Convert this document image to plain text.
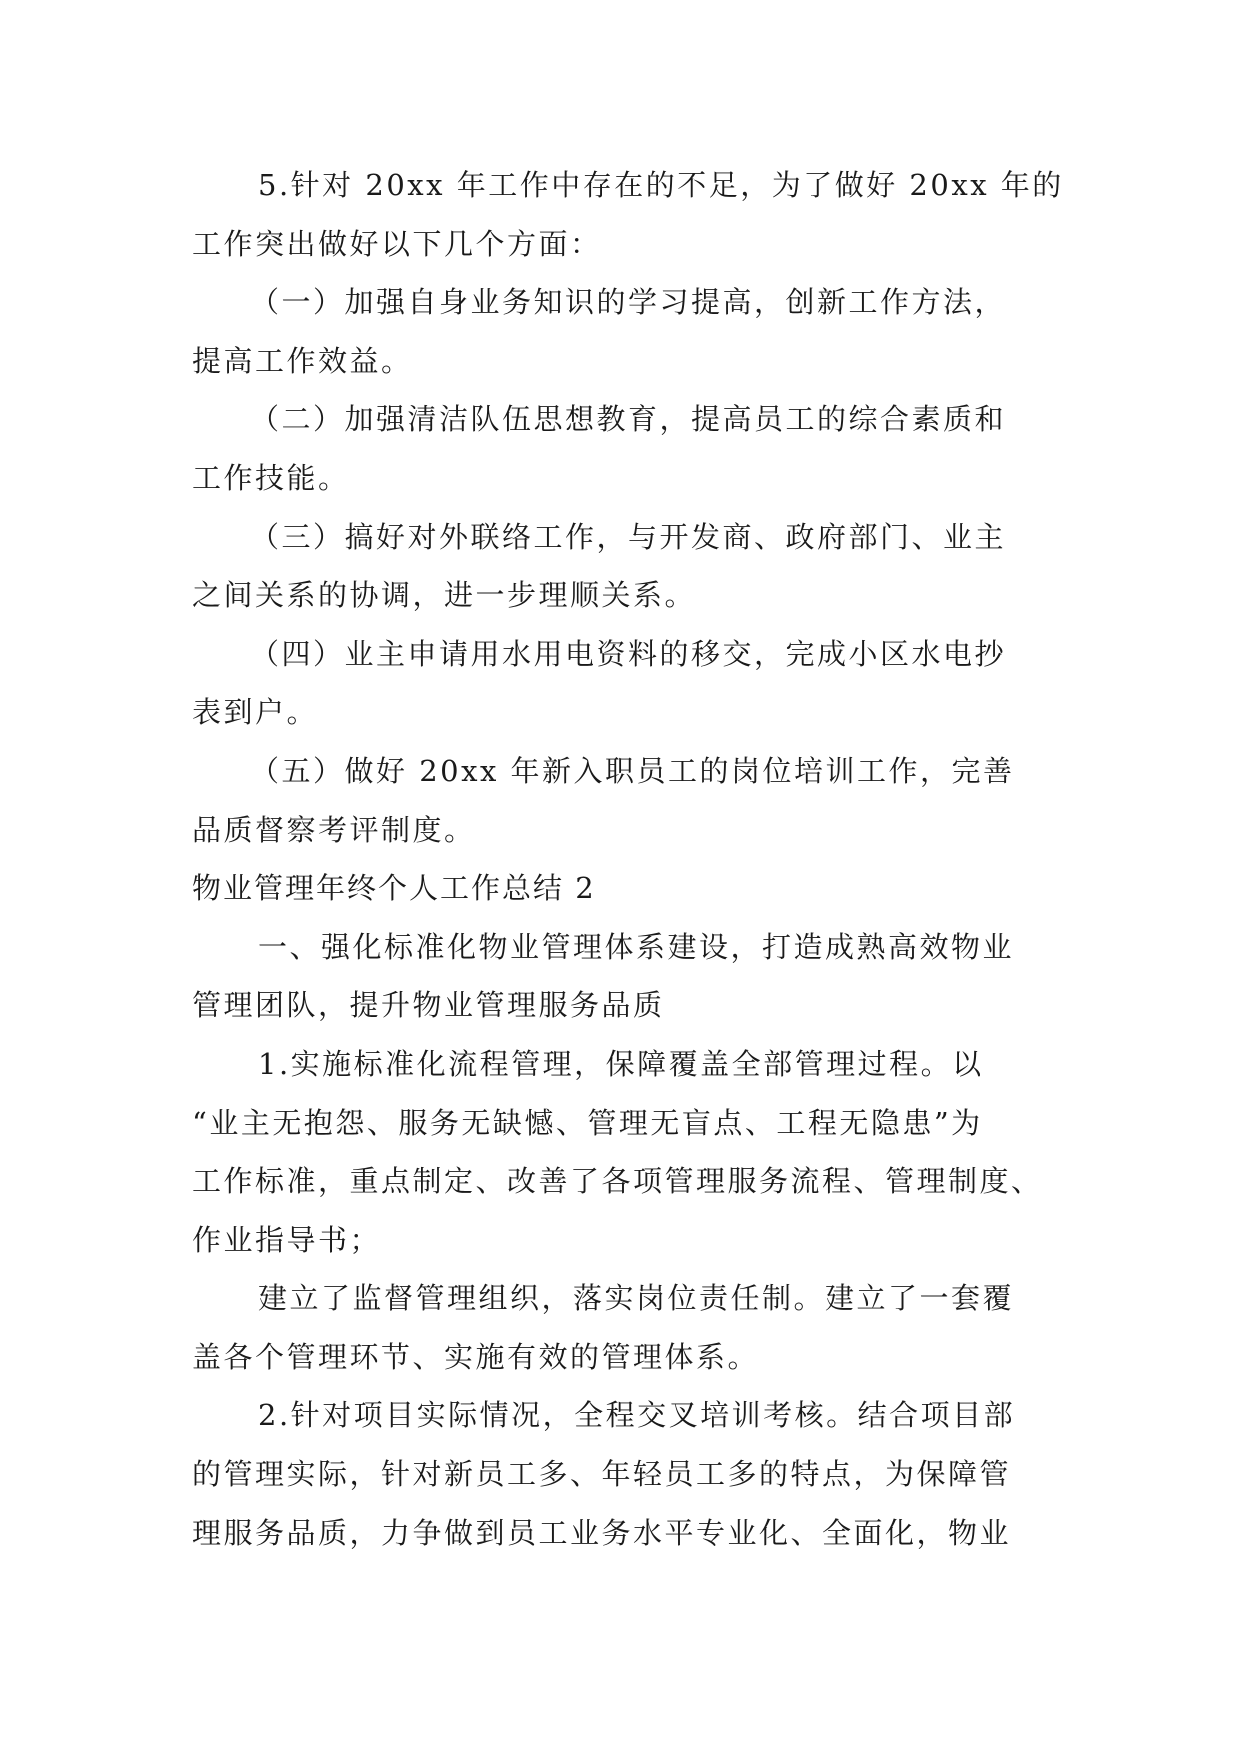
5.针对 20xx 年工作中存在的不足，为了做好 20xx 年的
工作突出做好以下几个方面：
（一）加强自身业务知识的学习提高，创新工作方法，
提高工作效益。
（二）加强清洁队伍思想教育，提高员工的综合素质和
工作技能。
（三）搞好对外联络工作，与开发商、政府部门、业主
之间关系的协调，进一步理顺关系。
（四）业主申请用水用电资料的移交，完成小区水电抄
表到户。
（五）做好 20xx 年新入职员工的岗位培训工作，完善
品质督察考评制度。
物业管理年终个人工作总结 2
一、强化标准化物业管理体系建设，打造成熟高效物业
管理团队，提升物业管理服务品质
1.实施标准化流程管理，保障覆盖全部管理过程。以
“业主无抱怨、服务无缺憾、管理无盲点、工程无隐患”为
工作标准，重点制定、改善了各项管理服务流程、管理制度、
作业指导书；
建立了监督管理组织，落实岗位责任制。建立了一套覆
盖各个管理环节、实施有效的管理体系。
2.针对项目实际情况，全程交叉培训考核。结合项目部
的管理实际，针对新员工多、年轻员工多的特点，为保障管
理服务品质，力争做到员工业务水平专业化、全面化，物业
